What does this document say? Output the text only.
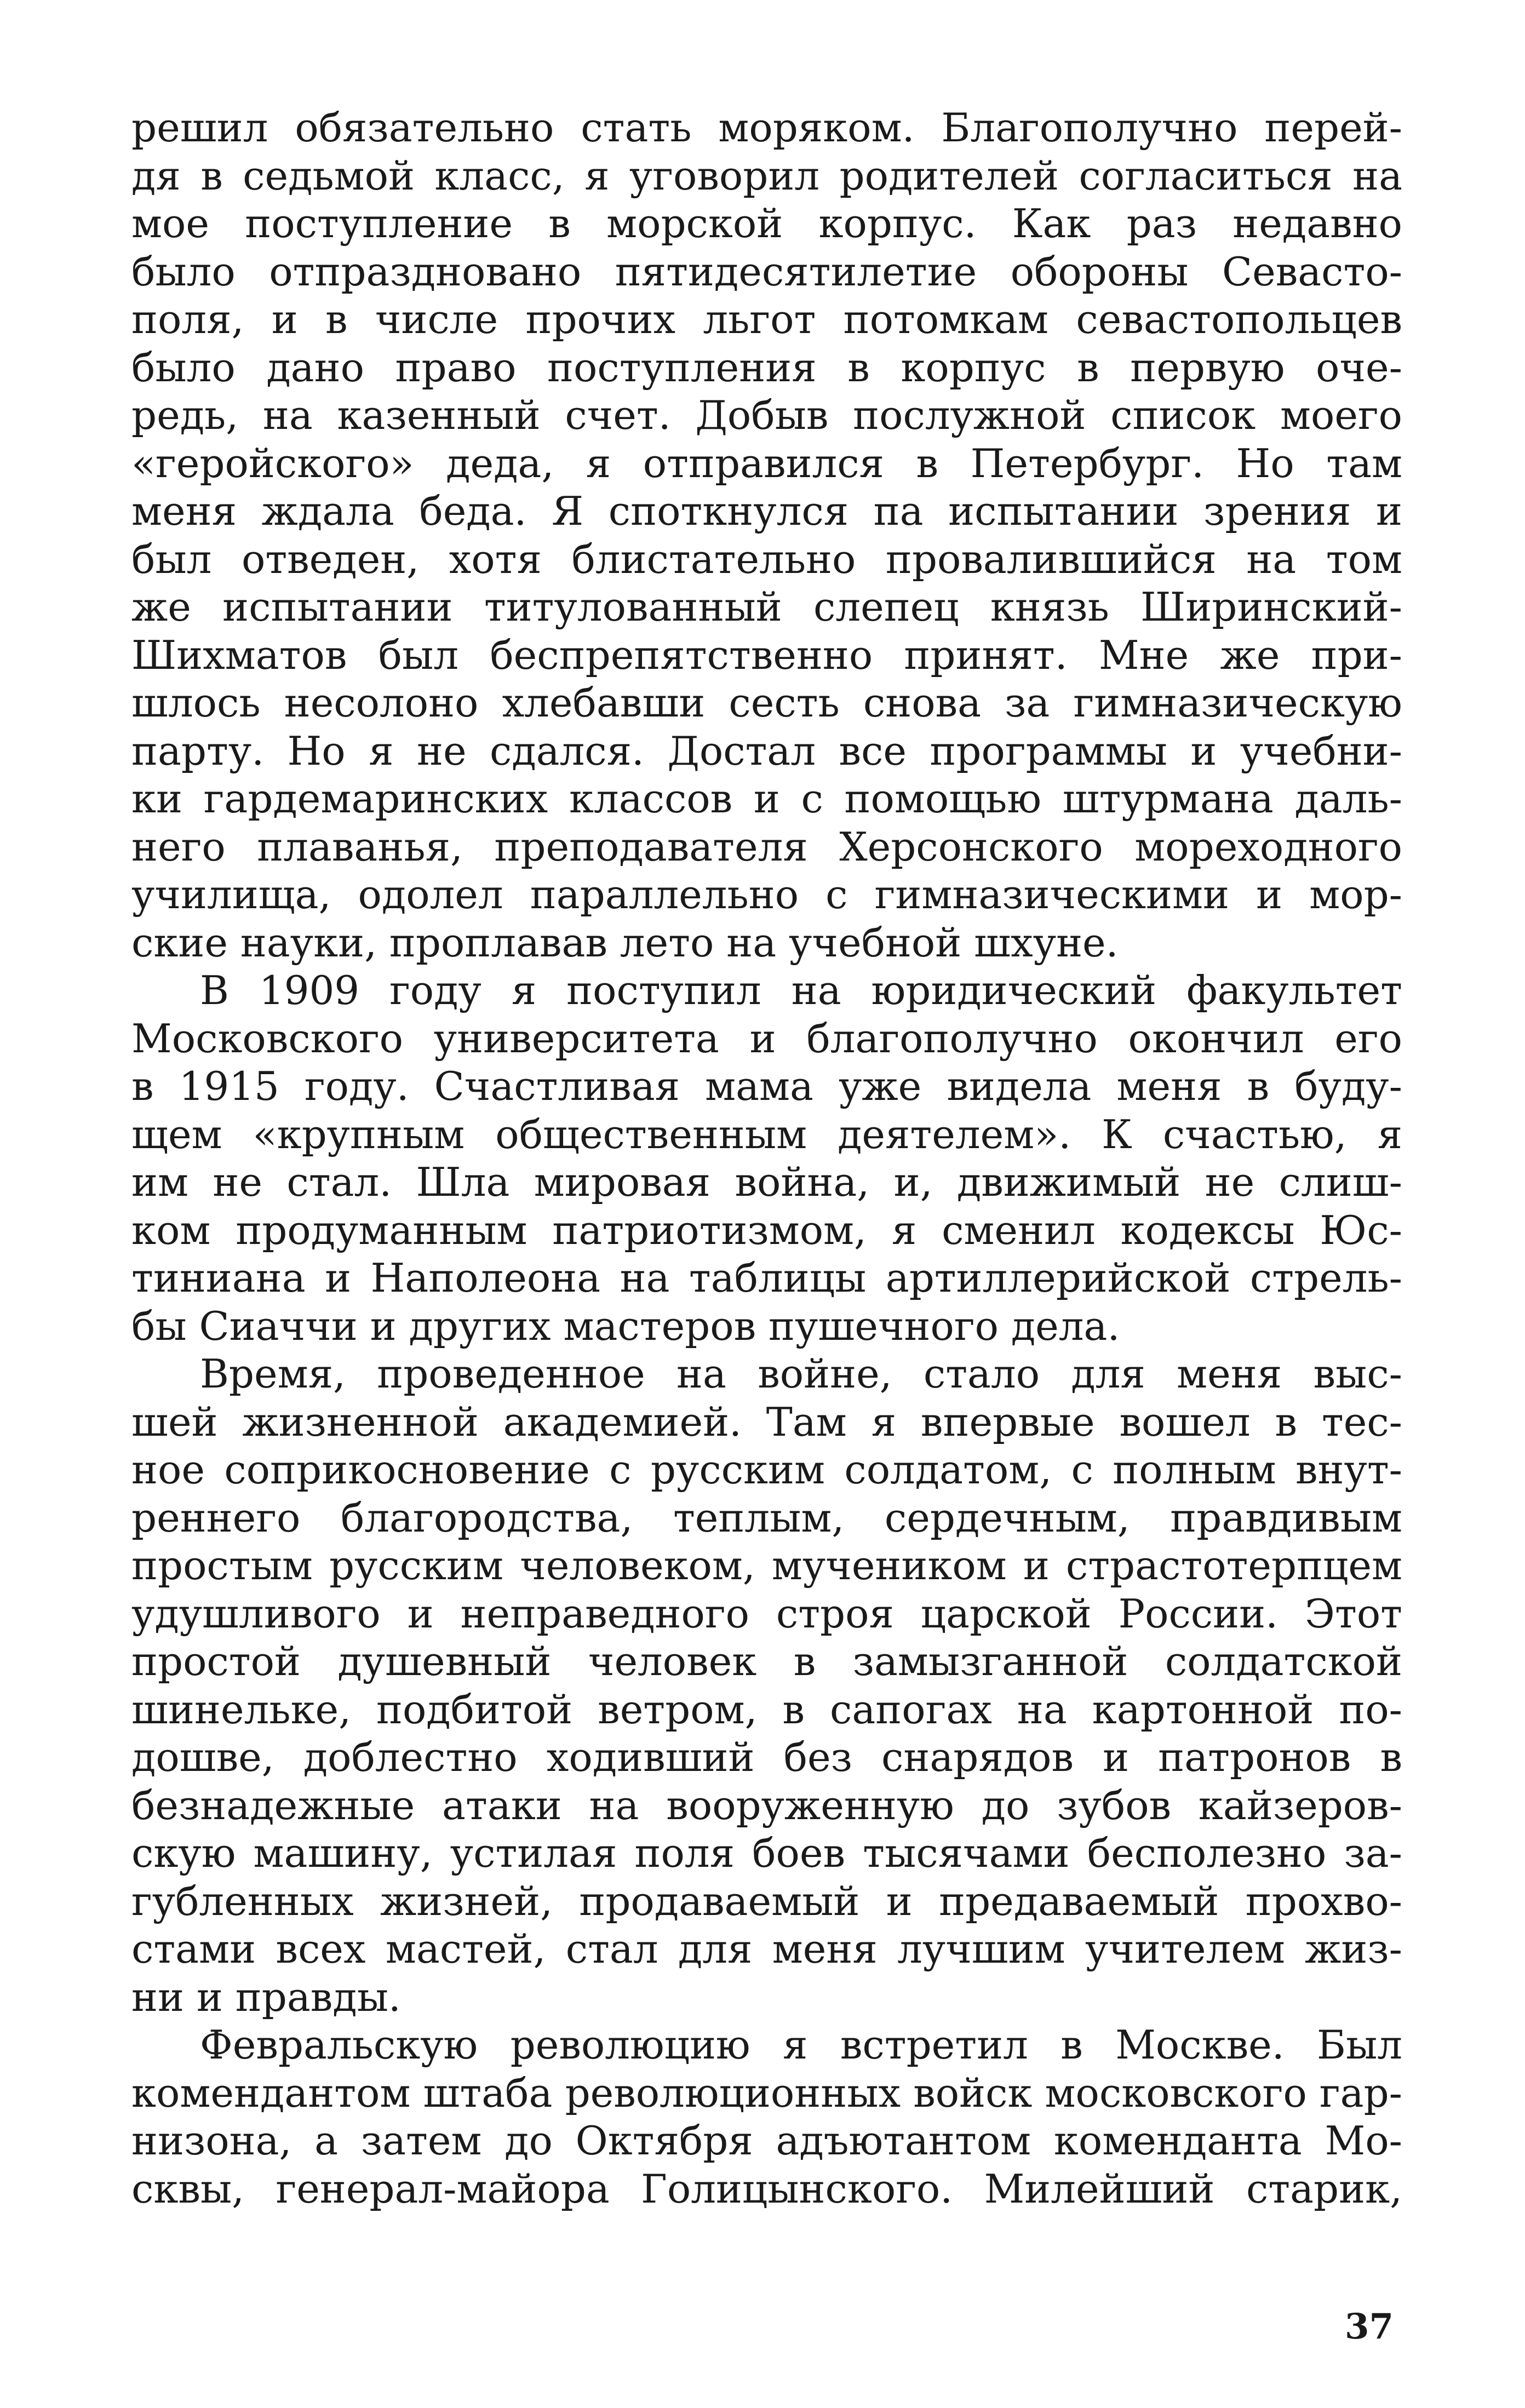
решил обязательно стать моряком. Благополучно перей-
дя в седьмой класс, я уговорил родителей согласиться на
мое поступление в морской корпус. Как раз недавно
было отпраздновано пятидесятилетие обороны Севасто-
поля, и в числе прочих льгот потомкам севастопольцев
было дано право поступления в корпус в первую оче-
редь, на казенный счет. Добыв послужной список моего
«геройского» деда, я отправился в Петербург. Но там
меня ждала беда. Я споткнулся па испытании зрения и
был отведен, хотя блистательно провалившийся на том
же испытании титулованный слепец князь Ширинский-
Шихматов был беспрепятственно принят. Мне же при-
шлось несолоно хлебавши сесть снова за гимназическую
парту. Но я не сдался. Достал все программы и учебни-
ки гардемаринских классов и с помощью штурмана даль-
него плаванья, преподавателя Херсонского мореходного
училища, одолел параллельно с гимназическими и мор-
ские науки, проплавав лето на учебной шхуне.

В 1909 году я поступил на юридический факультет
Московского университета и благополучно окончил его
в 1915 году. Счастливая мама уже видела меня в буду-
щем «крупным общественным деятелем». К счастью, я
им не стал. Шла мировая война, и, движимый не слиш-
ком продуманным патриотизмом, я сменил кодексы Юс-
тиниана и Наполеона на таблицы артиллерийской стрель-
бы Сиаччи и других мастеров пушечного дела.

Время, проведенное на войне, стало для меня выс-
шей жизненной академией. Там я впервые вошел в тес-
ное соприкосновение с русским солдатом, с полным внут-
реннего благородства, теплым, сердечным, правдивым
простым русским человеком, мучеником и страстотерпцем
удушливого и неправедного строя царской России. Этот
простой душевный человек в замызганной солдатской
шинельке, подбитой ветром, в сапогах на картонной по-
дошве, доблестно ходивший без снарядов и патронов в
безнадежные атаки на вооруженную до зубов кайзеров-
скую машину, устилая поля боев тысячами бесполезно за-
губленных жизней, продаваемый и предаваемый прохво-
стами всех мастей, стал для меня лучшим учителем жиз-
ни и правды.

Февральскую революцию я встретил в Москве. Был
комендантом штаба революционных войск московского гар-
низона, а затем до Октября адъютантом коменданта Мо-
сквы, генерал-майора Голицынского. Милейший старик,

37
